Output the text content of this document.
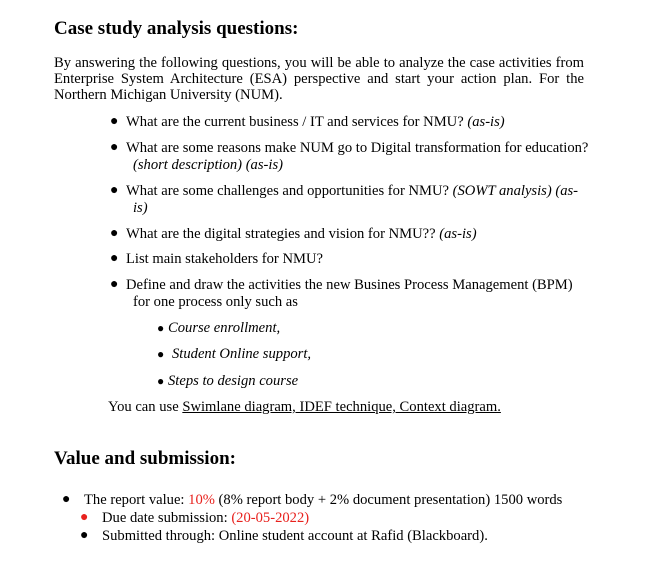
Case study analysis questions:
By answering the following questions, you will be able to analyze the case activities from
Enterprise System Architecture (ESA) perspective and start your action plan. For the
Northern Michigan University (NUM).
● What are the current business / IT and services for NMU? (as-is)
● What are some reasons make NUM go to Digital transformation for education?
(short description) (as-is)
● What are some challenges and opportunities for NMU? (SOWT analysis) (as-
is)
● What are the digital strategies and vision for NMU?? (as-is)
● List main stakeholders for NMU?
● Define and draw the activities the new Busines Process Management (BPM)
for one process only such as
● Course enrollment,
● Student Online support,
● Steps to design course
You can use Swimlane diagram, IDEF technique, Context diagram.
Value and submission:
● The report value: 10% (8% report body + 2% document presentation) 1500 words
● Due date submission: (20-05-2022)
● Submitted through: Online student account at Rafid (Blackboard).
